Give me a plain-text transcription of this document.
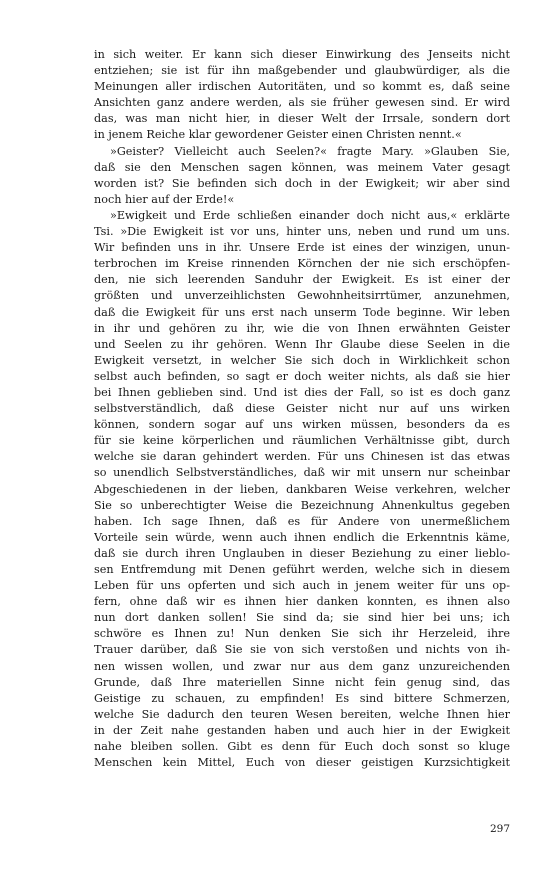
in sich weiter. Er kann sich dieser Einwirkung des Jenseits nicht
entziehen; sie ist für ihn maßgebender und glaubwürdiger, als die
Meinungen aller irdischen Autoritäten, und so kommt es, daß seine
Ansichten ganz andere werden, als sie früher gewesen sind. Er wird
das, was man nicht hier, in dieser Welt der Irrsale, sondern dort
in jenem Reiche klar gewordener Geister einen Christen nennt.«
»Geister? Vielleicht auch Seelen?« fragte Mary. »Glauben Sie,
daß sie den Menschen sagen können, was meinem Vater gesagt
worden ist? Sie befinden sich doch in der Ewigkeit; wir aber sind
noch hier auf der Erde!«
»Ewigkeit und Erde schließen einander doch nicht aus,« erklärte
Tsi. »Die Ewigkeit ist vor uns, hinter uns, neben und rund um uns.
Wir befinden uns in ihr. Unsere Erde ist eines der winzigen, unun-
terbrochen im Kreise rinnenden Körnchen der nie sich erschöpfen-
den, nie sich leerenden Sanduhr der Ewigkeit. Es ist einer der
größten und unverzeihlichsten Gewohnheitsirrtümer, anzunehmen,
daß die Ewigkeit für uns erst nach unserm Tode beginne. Wir leben
in ihr und gehören zu ihr, wie die von Ihnen erwähnten Geister
und Seelen zu ihr gehören. Wenn Ihr Glaube diese Seelen in die
Ewigkeit versetzt, in welcher Sie sich doch in Wirklichkeit schon
selbst auch befinden, so sagt er doch weiter nichts, als daß sie hier
bei Ihnen geblieben sind. Und ist dies der Fall, so ist es doch ganz
selbstverständlich, daß diese Geister nicht nur auf uns wirken
können, sondern sogar auf uns wirken müssen, besonders da es
für sie keine körperlichen und räumlichen Verhältnisse gibt, durch
welche sie daran gehindert werden. Für uns Chinesen ist das etwas
so unendlich Selbstverständliches, daß wir mit unsern nur scheinbar
Abgeschiedenen in der lieben, dankbaren Weise verkehren, welcher
Sie so unberechtigter Weise die Bezeichnung Ahnenkultus gegeben
haben. Ich sage Ihnen, daß es für Andere von unermeßlichem
Vorteile sein würde, wenn auch ihnen endlich die Erkenntnis käme,
daß sie durch ihren Unglauben in dieser Beziehung zu einer lieblo-
sen Entfremdung mit Denen geführt werden, welche sich in diesem
Leben für uns opferten und sich auch in jenem weiter für uns op-
fern, ohne daß wir es ihnen hier danken konnten, es ihnen also
nun dort danken sollen! Sie sind da; sie sind hier bei uns; ich
schwöre es Ihnen zu! Nun denken Sie sich ihr Herzeleid, ihre
Trauer darüber, daß Sie sie von sich verstoßen und nichts von ih-
nen wissen wollen, und zwar nur aus dem ganz unzureichenden
Grunde, daß Ihre materiellen Sinne nicht fein genug sind, das
Geistige zu schauen, zu empfinden! Es sind bittere Schmerzen,
welche Sie dadurch den teuren Wesen bereiten, welche Ihnen hier
in der Zeit nahe gestanden haben und auch hier in der Ewigkeit
nahe bleiben sollen. Gibt es denn für Euch doch sonst so kluge
Menschen kein Mittel, Euch von dieser geistigen Kurzsichtigkeit
297
